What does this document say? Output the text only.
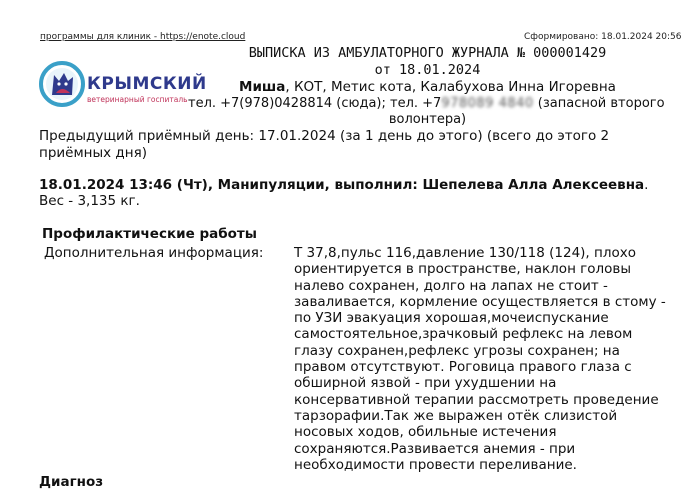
программы для клиник - https://enote.cloud	Сформировано: 18.01.2024 20:56
КРЫМСКИЙ
ветеринарный госпиталь
ВЫПИСКА ИЗ АМБУЛАТОРНОГО ЖУРНАЛА № 000001429
от 18.01.2024
Миша, КОТ, Метис кота, Калабухова Инна Игоревна
тел. +7(978)0428814 (сюда); тел. +7978089 4840 (запасной второго
волонтера)
Предыдущий приёмный день: 17.01.2024 (за 1 день до этого) (всего до этого 2
приёмных дня)
18.01.2024 13:46 (Чт), Манипуляции, выполнил: Шепелева Алла Алексеевна.
Вес - 3,135 кг.
Профилактические работы
Дополнительная информация: Т 37,8,пульс 116,давление 130/118 (124), плохо
ориентируется в пространстве, наклон головы
налево сохранен, долго на лапах не стоит -
заваливается, кормление осуществляется в стому -
по УЗИ эвакуация хорошая,мочеиспускание
самостоятельное,зрачковый рефлекс на левом
глазу сохранен,рефлекс угрозы сохранен; на
правом отсутствуют. Роговица правого глаза с
обширной язвой - при ухудшении на
консервативной терапии рассмотреть проведение
тарзорафии.Так же выражен отёк слизистой
носовых ходов, обильные истечения
сохраняются.Развивается анемия - при
необходимости провести переливание.
Диагноз
